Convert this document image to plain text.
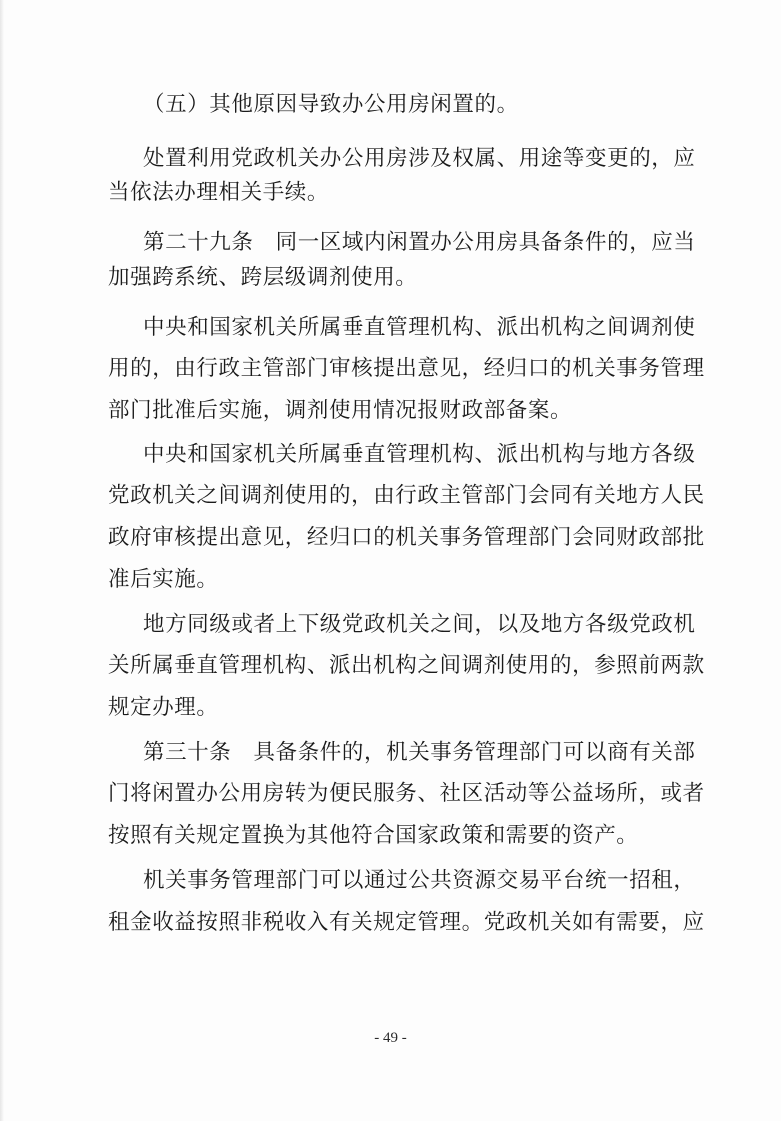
（五）其他原因导致办公用房闲置的。
处置利用党政机关办公用房涉及权属、用途等变更的，应
当依法办理相关手续。
第二十九条　同一区域内闲置办公用房具备条件的，应当
加强跨系统、跨层级调剂使用。
中央和国家机关所属垂直管理机构、派出机构之间调剂使
用的，由行政主管部门审核提出意见，经归口的机关事务管理
部门批准后实施，调剂使用情况报财政部备案。
中央和国家机关所属垂直管理机构、派出机构与地方各级
党政机关之间调剂使用的，由行政主管部门会同有关地方人民
政府审核提出意见，经归口的机关事务管理部门会同财政部批
准后实施。
地方同级或者上下级党政机关之间，以及地方各级党政机
关所属垂直管理机构、派出机构之间调剂使用的，参照前两款
规定办理。
第三十条　具备条件的，机关事务管理部门可以商有关部
门将闲置办公用房转为便民服务、社区活动等公益场所，或者
按照有关规定置换为其他符合国家政策和需要的资产。
机关事务管理部门可以通过公共资源交易平台统一招租，
租金收益按照非税收入有关规定管理。党政机关如有需要，应
- 49 -
